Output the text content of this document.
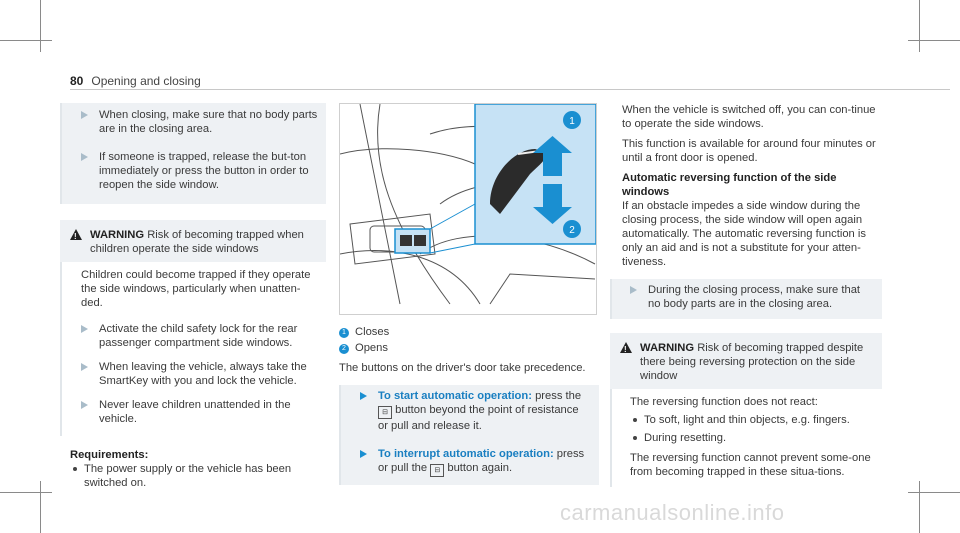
80 Opening and closing

When closing, make sure that no body parts are in the closing area.

If someone is trapped, release the but-ton immediately or press the button in order to reopen the side window.

!
WARNING Risk of becoming trapped when children operate the side windows

Children could become trapped if they operate the side windows, particularly when unatten-ded.

Activate the child safety lock for the rear passenger compartment side windows.

When leaving the vehicle, always take the SmartKey with you and lock the vehicle.

Never leave children unattended in the vehicle.

Requirements:
The power supply or the vehicle has been switched on.
1
2
1 Closes
2 Opens

The buttons on the driver's door take precedence.

To start automatic operation: press the ⊟ button beyond the point of resistance or pull and release it.

To interrupt automatic operation: press or pull the ⊟ button again.

When the vehicle is switched off, you can con-tinue to operate the side windows.

This function is available for around four minutes or until a front door is opened.

Automatic reversing function of the side windows

If an obstacle impedes a side window during the closing process, the side window will open again automatically. The automatic reversing function is only an aid and is not a substitute for your atten-tiveness.

During the closing process, make sure that no body parts are in the closing area.

!
WARNING Risk of becoming trapped despite there being reversing protection on the side window

The reversing function does not react:

To soft, light and thin objects, e.g. fingers.
During resetting.

The reversing function cannot prevent some-one from becoming trapped in these situa-tions.

carmanualsonline.info
